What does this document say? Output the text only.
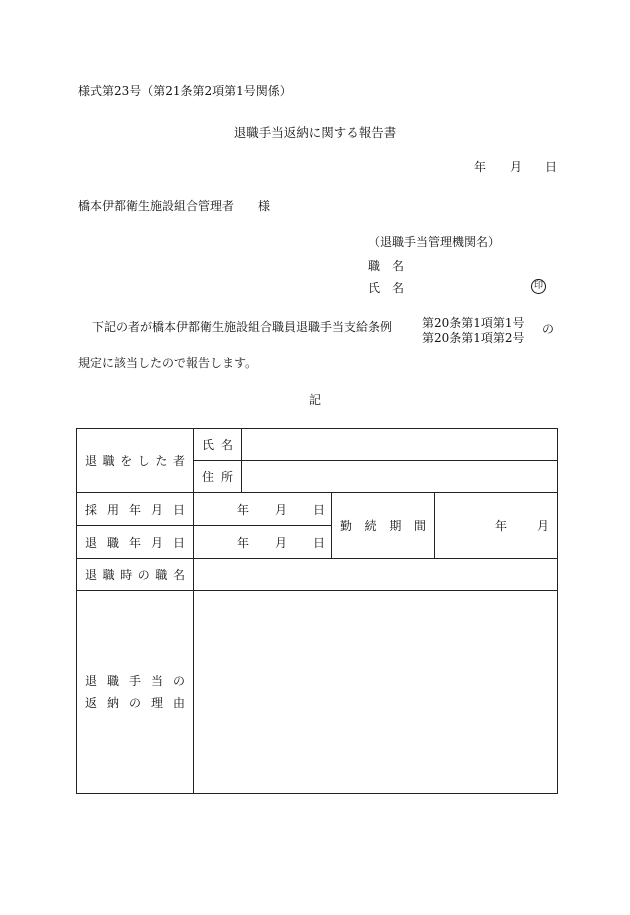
様式第23号（第21条第2項第1号関係）
退職手当返納に関する報告書
年 月 日
橋本伊都衛生施設組合管理者　　様
（退職手当管理機関名）
職　名
氏　名	印
下記の者が橋本伊都衛生施設組合職員退職手当支給条例 第20条第1項第1号
第20条第1項第2号
の
規定に該当したので報告します。
記
退職をした者	氏名			
	住所			
採用年月日	年 月 日		勤続期間	年 月

退職年月日	年 月 日			

退職時の職名				

退職手当の
返納の理由				
